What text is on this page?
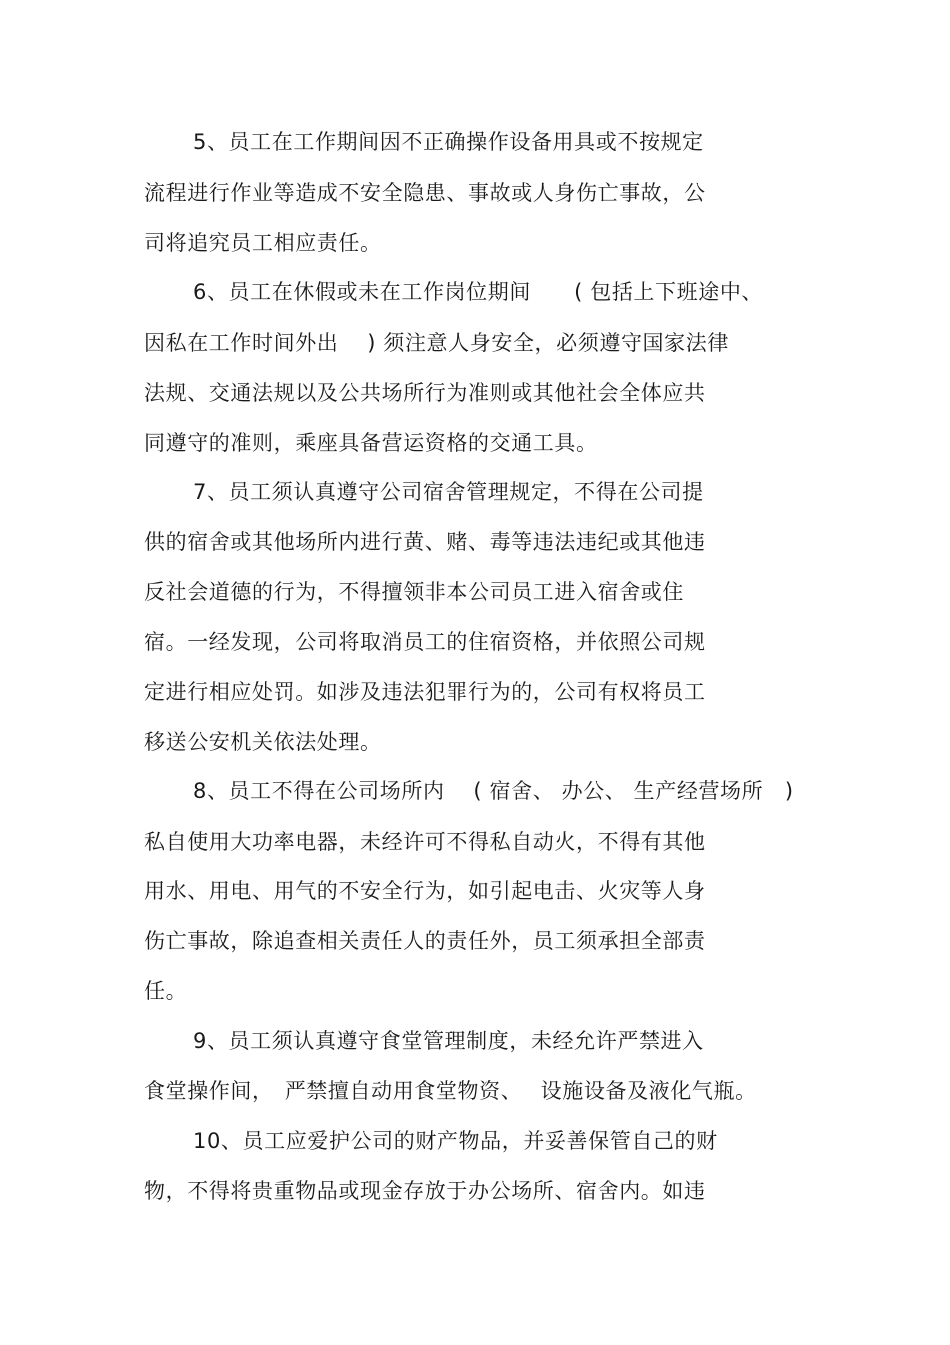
5、员工在工作期间因不正确操作设备用具或不按规定
流程进行作业等造成不安全隐患、事故或人身伤亡事故，公
司将追究员工相应责任。
6、员工在休假或未在工作岗位期间　　( 包括上下班途中、
因私在工作时间外出　 ) 须注意人身安全，必须遵守国家法律
法规、交通法规以及公共场所行为准则或其他社会全体应共
同遵守的准则，乘座具备营运资格的交通工具。
7、员工须认真遵守公司宿舍管理规定，不得在公司提
供的宿舍或其他场所内进行黄、赌、毒等违法违纪或其他违
反社会道德的行为，不得擅领非本公司员工进入宿舍或住
宿。一经发现，公司将取消员工的住宿资格，并依照公司规
定进行相应处罚。如涉及违法犯罪行为的，公司有权将员工
移送公安机关依法处理。
8、员工不得在公司场所内　 ( 宿舍、 办公、 生产经营场所　)
私自使用大功率电器，未经许可不得私自动火，不得有其他
用水、用电、用气的不安全行为，如引起电击、火灾等人身
伤亡事故，除追查相关责任人的责任外，员工须承担全部责
任。
9、员工须认真遵守食堂管理制度，未经允许严禁进入
食堂操作间，　严禁擅自动用食堂物资、　 设施设备及液化气瓶。
10、员工应爱护公司的财产物品，并妥善保管自己的财
物，不得将贵重物品或现金存放于办公场所、宿舍内。如违
